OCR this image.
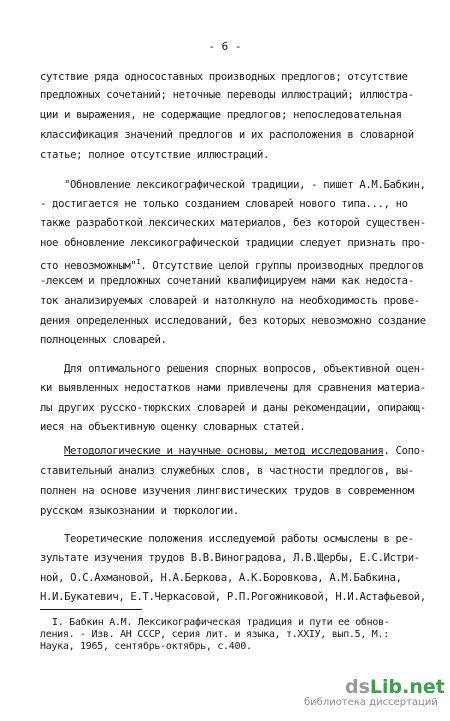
- 6 -
сутствие ряда односоставных производных предлогов; отсутствие
предложных сочетаний; неточные переводы иллюстраций; иллюстра-
ции и выражения, не содержащие предлогов; непоследовательная
классификация значений предлогов и их расположения в словарной
статье; полное отсутствие иллюстраций.
"Обновление лексикографической традиции, - пишет А.М.Бабкин,
- достигается не только созданием словарей нового типа..., но
также разработкой лексических материалов, без которой существен-
ное обновление лексикографической традиции следует признать про-
сто невозможным"$^I$. Отсутствие целой группы производных предлогов
-лексем и предложных сочетаний квалифицируем нами как недоста-
ток анализируемых словарей и натолкнуло на необходимость прове-
дения определенных исследований, без которых невозможно создание
полноценных словарей.
Для оптимального решения спорных вопросов, объективной оцен-
ки выявленных недостатков нами привлечены для сравнения материа-
лы других русско-тюркских словарей и даны рекомендации, опирающ-
иеся на объективную оценку словарных статей.
Методологические и научные основы, метод исследования. Сопо-
ставительный анализ служебных слов, в частности предлогов, вы-
полнен на основе изучения лингвистических трудов в современном
русском языкознании и тюркологии.
Теоретические положения исследуемой работы осмыслены в ре-
зультате изучения трудов В.В.Виноградова, Л.В.Щербы, Е.С.Истри-
ной, О.С.Ахмановой, Н.А.Беркова, А.К.Боровкова, А.М.Бабкина,
Н.И.Букатевич, Е.Т.Черкасовой, Р.П.Рогожниковой, Н.И.Астафьевой,
I. Бабкин А.М. Лексикографическая традиция и пути ее обнов-
ления. - Изв. АН СССР, серия лит. и языка, т.XXIУ, вып.5, М.:
Наука, 1965, сентябрь-октябрь, с.400.
dsLib.net
библиотека диссертаций
